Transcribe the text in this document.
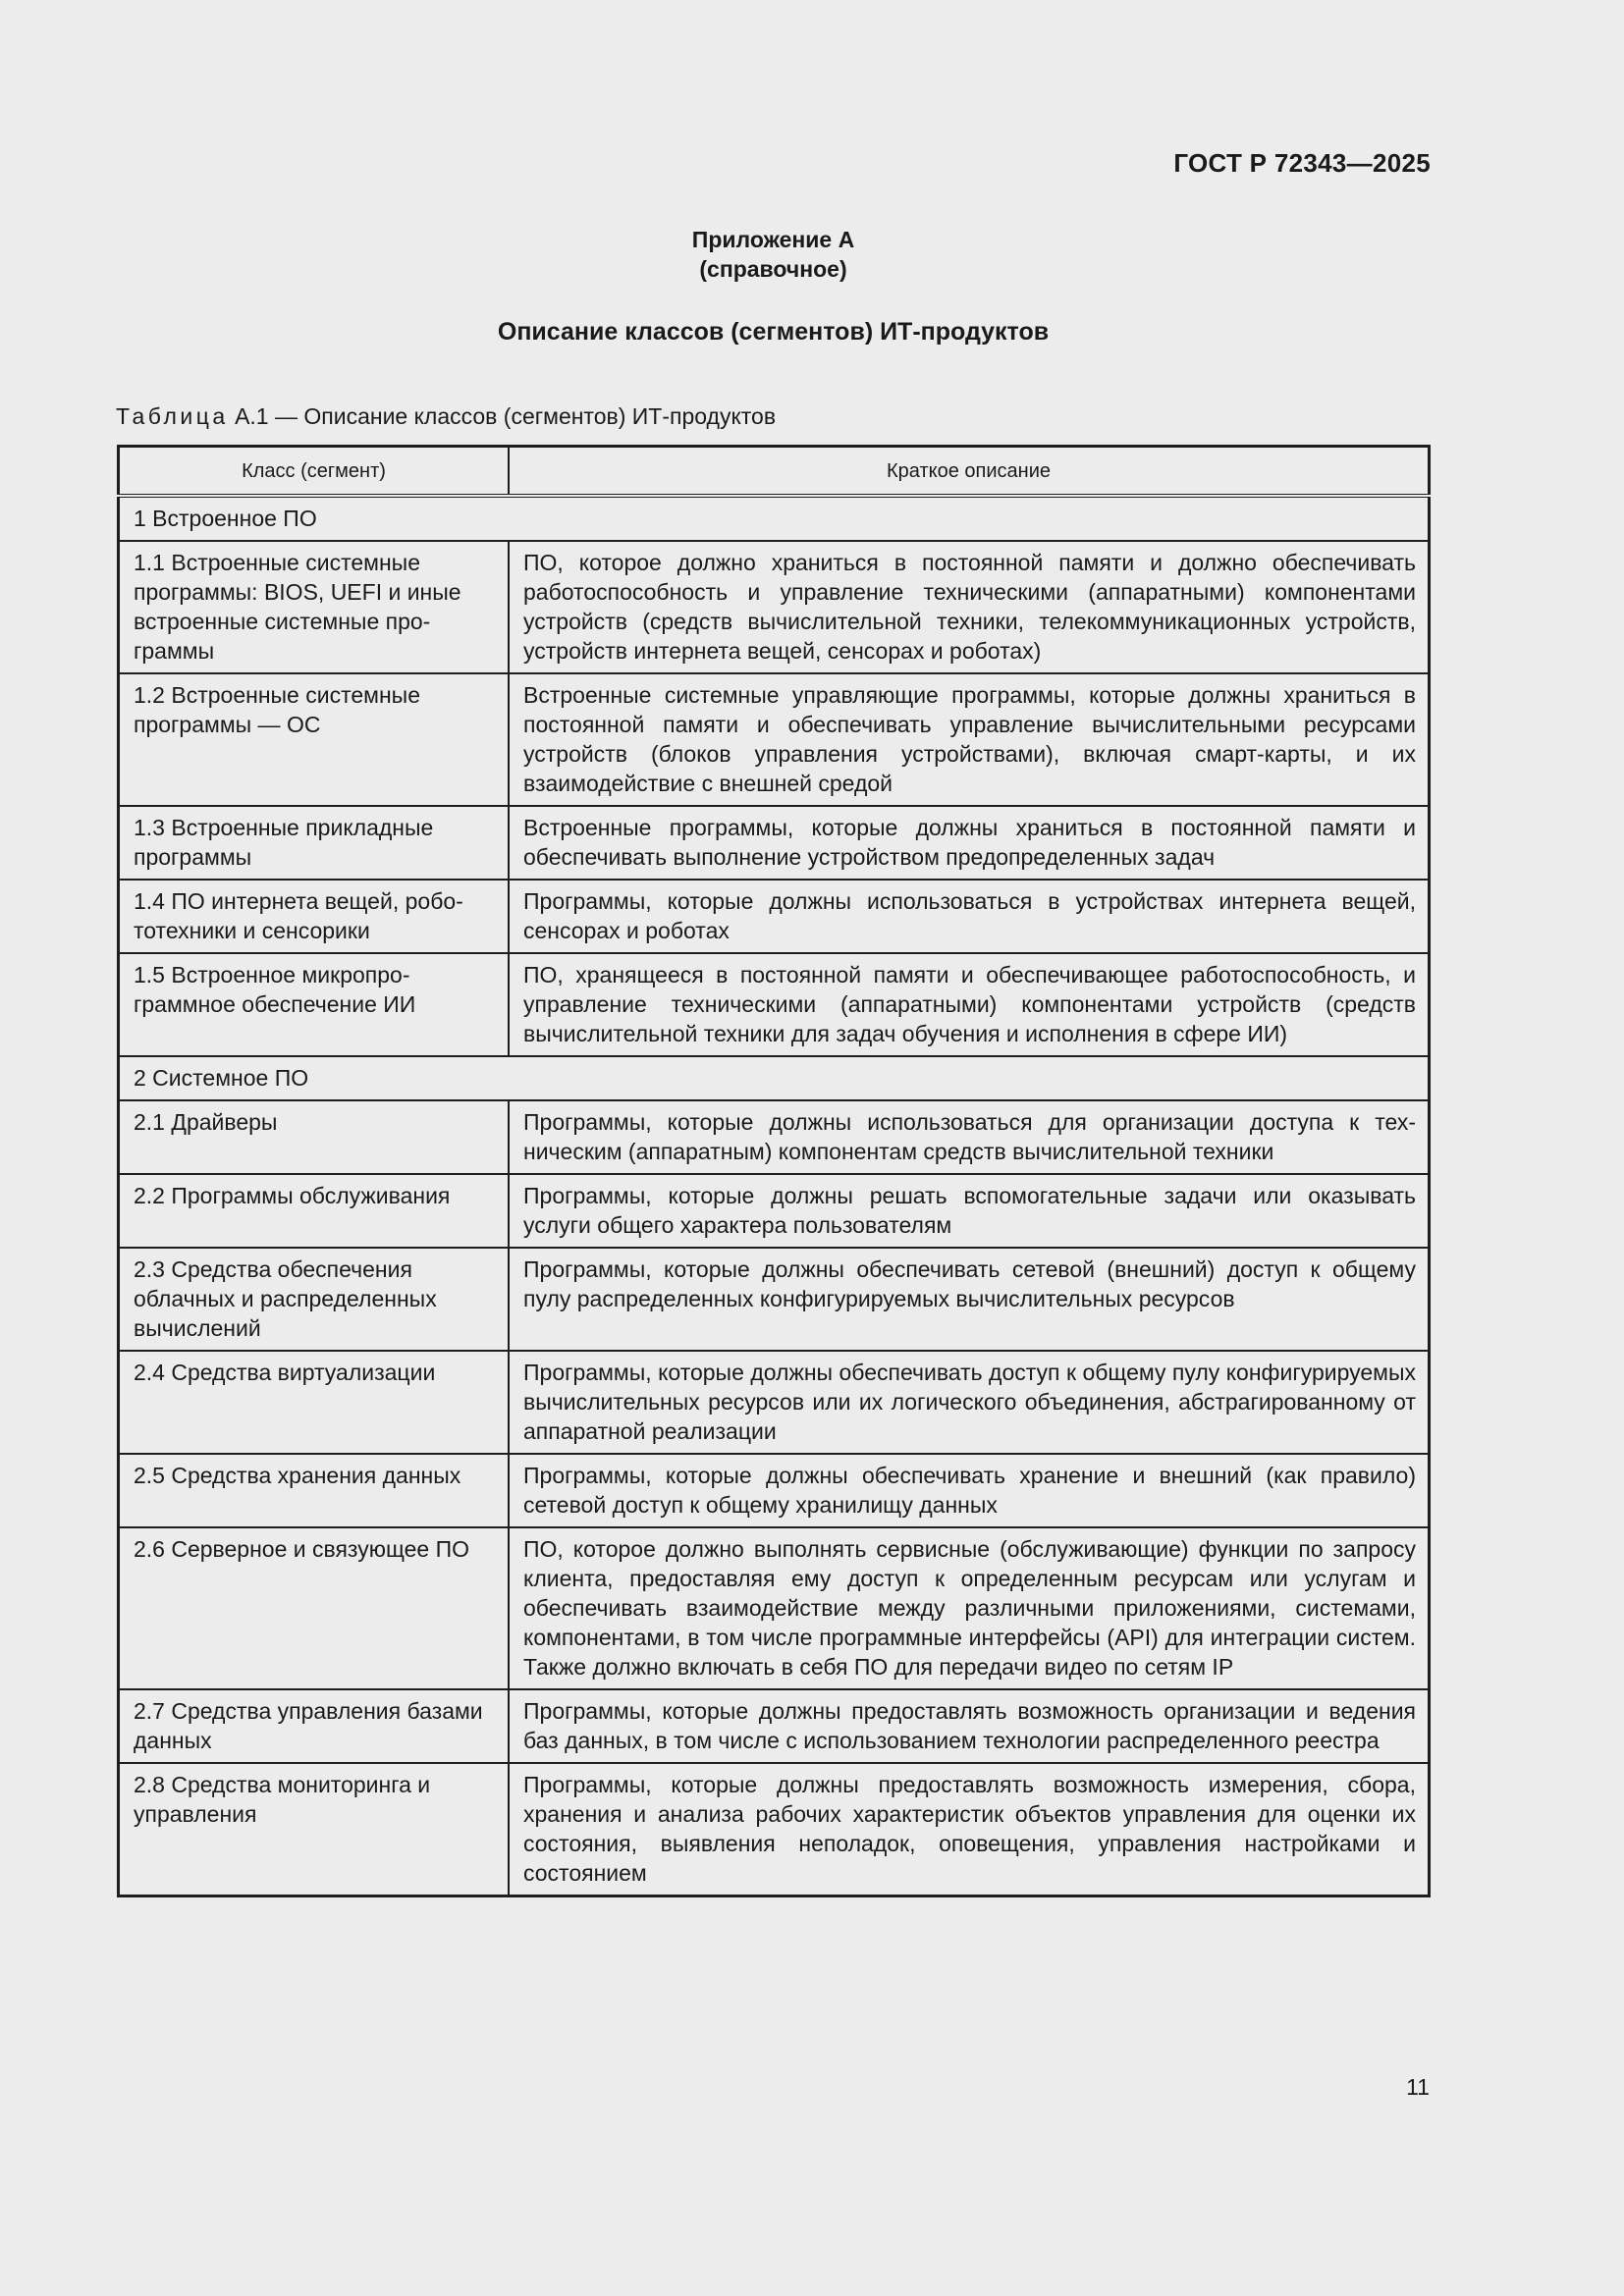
ГОСТ Р 72343—2025
Приложение А
(справочное)
Описание классов (сегментов) ИТ-продуктов
Таблица А.1 — Описание классов (сегментов) ИТ-продуктов
Класс (сегмент)	Краткое описание
1 Встроенное ПО	
1.1 Встроенные системные программы: BIOS, UEFI и иные встроенные системные программы	ПО, которое должно храниться в постоянной памяти и должно обеспечивать работоспособность и управление техническими (аппаратными) компонентами устройств (средств вычислительной техники, телекоммуникационных устройств, устройств интернета вещей, сенсорах и роботах)
1.2 Встроенные системные программы — ОС	Встроенные системные управляющие программы, которые должны храниться в постоянной памяти и обеспечивать управление вычислительными ресурсами устройств (блоков управления устройствами), включая смарт-карты, и их взаимодействие с внешней средой
1.3 Встроенные прикладные программы	Встроенные программы, которые должны храниться в постоянной памяти и обеспечивать выполнение устройством предопределенных задач
1.4 ПО интернета вещей, робототехники и сенсорики	Программы, которые должны использоваться в устройствах интернета вещей, сенсорах и роботах
1.5 Встроенное микропрограммное обеспечение ИИ	ПО, хранящееся в постоянной памяти и обеспечивающее работоспособность, и управление техническими (аппаратными) компонентами устройств (средств вычислительной техники для задач обучения и исполнения в сфере ИИ)
2 Системное ПО	
2.1 Драйверы	Программы, которые должны использоваться для организации доступа к техническим (аппаратным) компонентам средств вычислительной техники
2.2 Программы обслуживания	Программы, которые должны решать вспомогательные задачи или оказывать услуги общего характера пользователям
2.3 Средства обеспечения облачных и распределенных вычислений	Программы, которые должны обеспечивать сетевой (внешний) доступ к общему пулу распределенных конфигурируемых вычислительных ресурсов
2.4 Средства виртуализации	Программы, которые должны обеспечивать доступ к общему пулу конфигурируемых вычислительных ресурсов или их логического объединения, абстрагированному от аппаратной реализации
2.5 Средства хранения данных	Программы, которые должны обеспечивать хранение и внешний (как правило) сетевой доступ к общему хранилищу данных
2.6 Серверное и связующее ПО	ПО, которое должно выполнять сервисные (обслуживающие) функции по запросу клиента, предоставляя ему доступ к определенным ресурсам или услугам и обеспечивать взаимодействие между различными приложениями, системами, компонентами, в том числе программные интерфейсы (API) для интеграции систем. Также должно включать в себя ПО для передачи видео по сетям IP
2.7 Средства управления базами данных	Программы, которые должны предоставлять возможность организации и ведения баз данных, в том числе с использованием технологии распределенного реестра
2.8 Средства мониторинга и управления	Программы, которые должны предоставлять возможность измерения, сбора, хранения и анализа рабочих характеристик объектов управления для оценки их состояния, выявления неполадок, оповещения, управления настройками и состоянием
11
